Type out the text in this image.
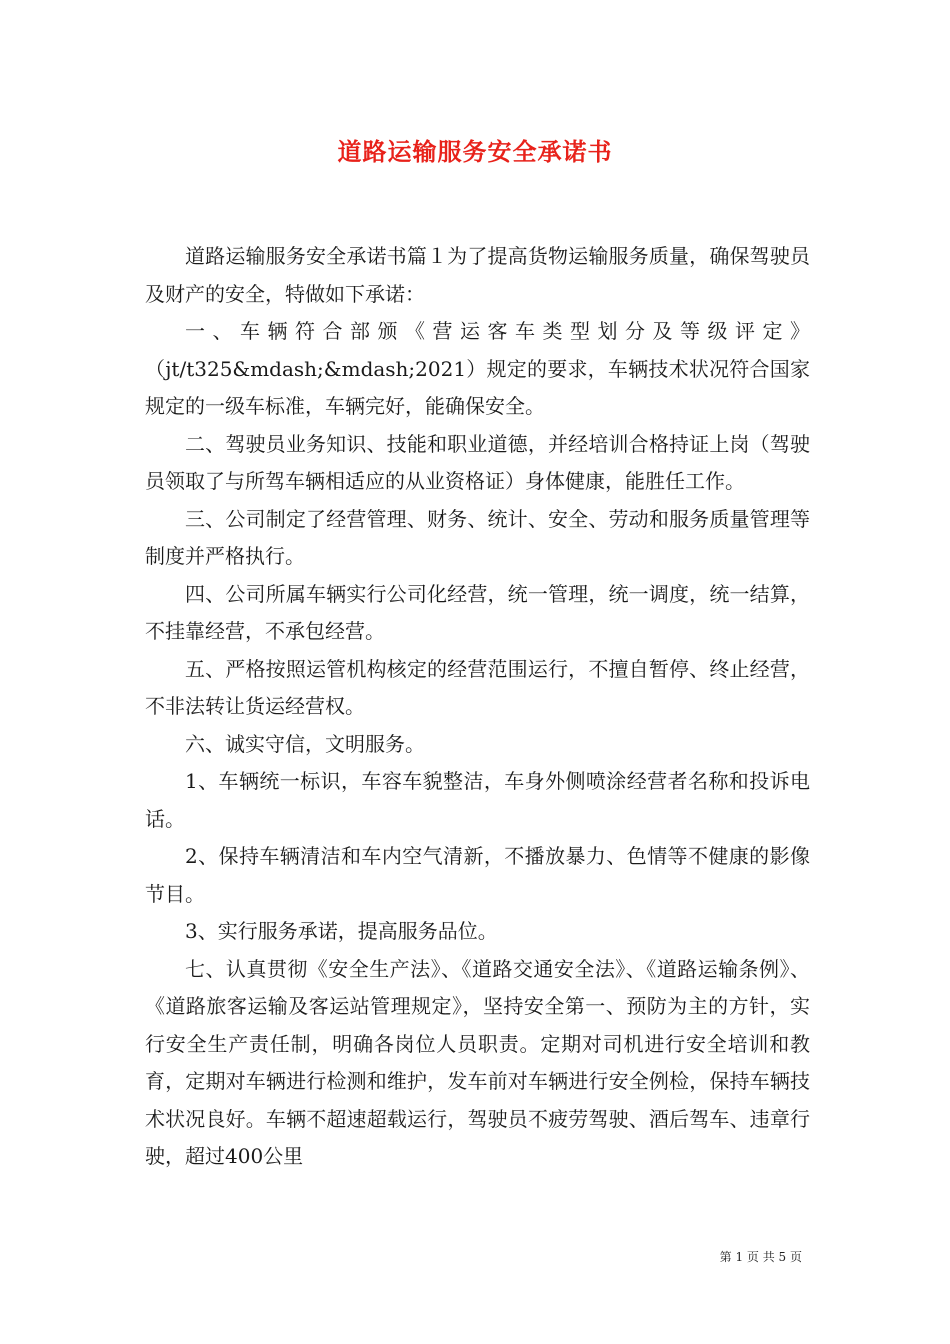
道路运输服务安全承诺书

道路运输服务安全承诺书篇１为了提高货物运输服务质量，确保驾驶员及财产的安全，特做如下承诺：

一、车辆符合部颁《营运客车类型划分及等级评定》（jt/t325&mdash;&mdash;2021）规定的要求，车辆技术状况符合国家规定的一级车标准，车辆完好，能确保安全。

二、驾驶员业务知识、技能和职业道德，并经培训合格持证上岗（驾驶员领取了与所驾车辆相适应的从业资格证）身体健康，能胜任工作。

三、公司制定了经营管理、财务、统计、安全、劳动和服务质量管理等制度并严格执行。

四、公司所属车辆实行公司化经营，统一管理，统一调度，统一结算，不挂靠经营，不承包经营。

五、严格按照运管机构核定的经营范围运行，不擅自暂停、终止经营，不非法转让货运经营权。

六、诚实守信，文明服务。

1、车辆统一标识，车容车貌整洁，车身外侧喷涂经营者名称和投诉电话。

2、保持车辆清洁和车内空气清新，不播放暴力、色情等不健康的影像节目。

3、实行服务承诺，提高服务品位。

七、认真贯彻《安全生产法》、《道路交通安全法》、《道路运输条例》、《道路旅客运输及客运站管理规定》，坚持安全第一、预防为主的方针，实行安全生产责任制，明确各岗位人员职责。定期对司机进行安全培训和教育，定期对车辆进行检测和维护，发车前对车辆进行安全例检，保持车辆技术状况良好。车辆不超速超载运行，驾驶员不疲劳驾驶、酒后驾车、违章行驶，超过400公里

第 1 页 共 5 页
